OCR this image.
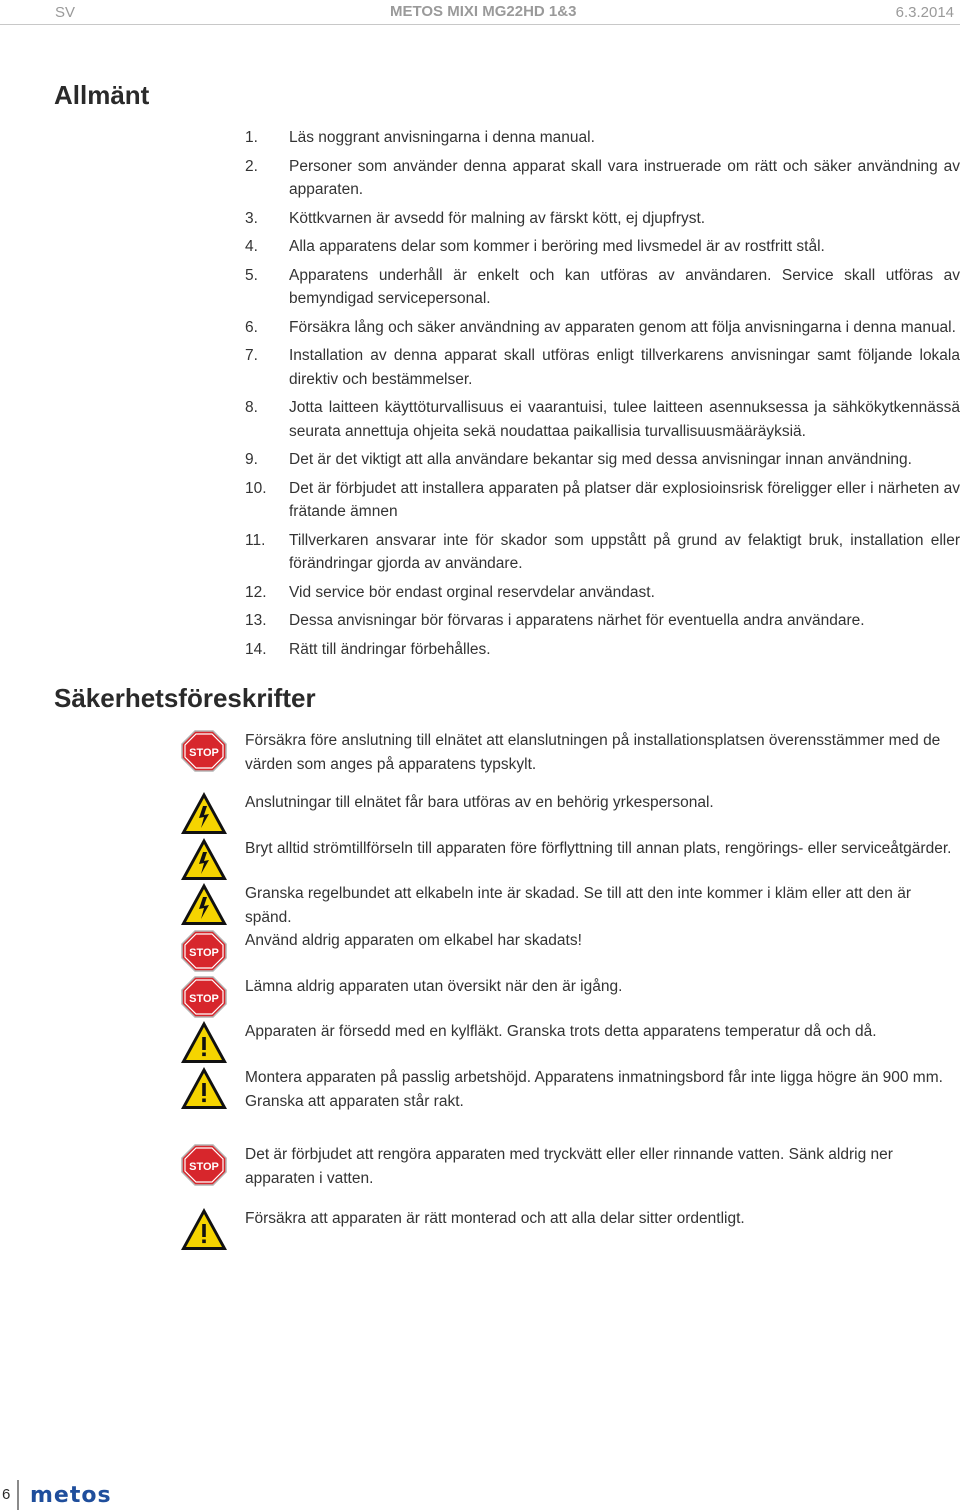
SV	METOS MIXI MG22HD 1&3	6.3.2014
Allmänt
1. Läs noggrant anvisningarna i denna manual.
2. Personer som använder denna apparat skall vara instruerade om rätt och säker användning av apparaten.
3. Köttkvarnen är avsedd för malning av färskt kött, ej djupfryst.
4. Alla apparatens delar som kommer i beröring med livsmedel är av rostfritt stål.
5. Apparatens underhåll är enkelt och kan utföras av användaren. Service skall utföras av bemyndigad servicepersonal.
6. Försäkra lång och säker användning av apparaten genom att följa anvisningarna i denna manual.
7. Installation av denna apparat skall utföras enligt tillverkarens anvisningar samt följande lokala direktiv och bestämmelser.
8. Jotta laitteen käyttöturvallisuus ei vaarantuisi, tulee laitteen asennuksessa ja sähkökytkennässä seurata annettuja ohjeita sekä noudattaa paikallisia turvallisuusmääräyksiä.
9. Det är det viktigt att alla användare bekantar sig med dessa anvisningar innan användning.
10. Det är förbjudet att installera apparaten på platser där explosioinsrisk föreligger eller i närheten av frätande ämnen
11. Tillverkaren ansvarar inte för skador som uppstått på grund av felaktigt bruk, installation eller förändringar gjorda av användare.
12. Vid service bör endast orginal reservdelar användast.
13. Dessa anvisningar bör förvaras i apparatens närhet för eventuella andra användare.
14. Rätt till ändringar förbehålles.
Säkerhetsföreskrifter
STOP
Försäkra före anslutning till elnätet att elanslutningen på installationsplatsen överensstämmer med de värden som anges på apparatens typskylt.
Anslutningar till elnätet får bara utföras av en behörig yrkespersonal.
Bryt alltid strömtillförseln till apparaten före förflyttning till annan plats, rengörings- eller serviceåtgärder.
Granska regelbundet att elkabeln inte är skadad. Se till att den inte kommer i kläm eller att den är spänd.
STOP
Använd aldrig apparaten om elkabel har skadats!
STOP
Lämna aldrig apparaten utan översikt när den är igång.
Apparaten är försedd med en kylfläkt. Granska trots detta apparatens temperatur då och då.
Montera apparaten på passlig arbetshöjd. Apparatens inmatningsbord får inte ligga högre än 900 mm. Granska att apparaten står rakt.
STOP
Det är förbjudet att rengöra apparaten med tryckvätt eller eller rinnande vatten. Sänk aldrig ner apparaten i vatten.
Försäkra att apparaten är rätt monterad och att alla delar sitter ordentligt.
6 metos
